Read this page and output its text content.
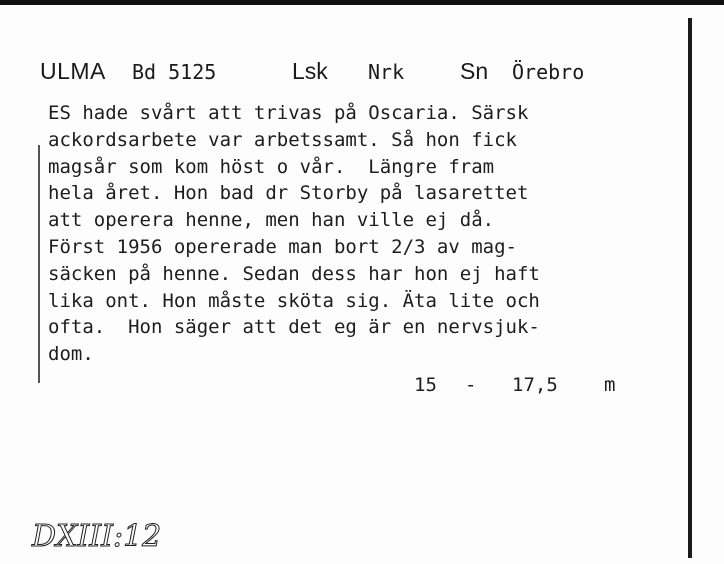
ULMA Bd 5125	Lsk Nrk Sn Örebro
ES hade svårt att trivas på Oscaria. Särsk
ackordsarbete var arbetssamt. Så hon fick
magsår som kom höst o vår.  Längre fram
hela året. Hon bad dr Storby på lasarettet
att operera henne, men han ville ej då.
Först 1956 opererade man bort 2/3 av mag-
säcken på henne. Sedan dess har hon ej haft
lika ont. Hon måste sköta sig. Äta lite och
ofta.  Hon säger att det eg är en nervsjuk-
dom.
15 - 17,5 m
DXIII:12
